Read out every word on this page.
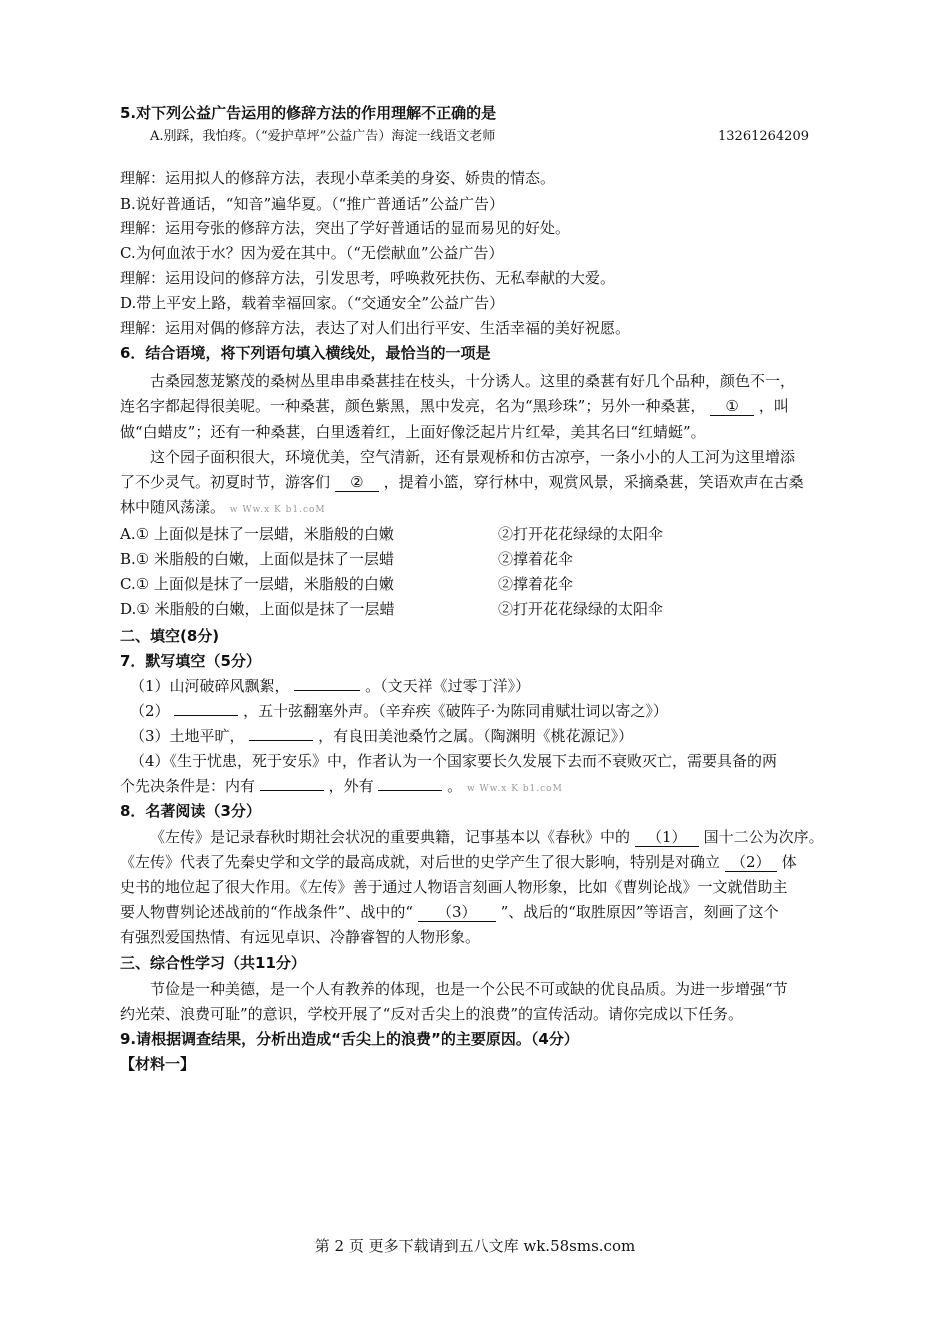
5.对下列公益广告运用的修辞方法的作用理解不正确的是
A.别踩，我怕疼。（“爱护草坪”公益广告）海淀一线语文老师	13261264209
理解：运用拟人的修辞方法，表现小草柔美的身姿、娇贵的情态。
B.说好普通话，“知音”遍华夏。（“推广普通话”公益广告）
理解：运用夸张的修辞方法，突出了学好普通话的显而易见的好处。
C.为何血浓于水？因为爱在其中。（“无偿献血”公益广告）
理解：运用设问的修辞方法，引发思考，呼唤救死扶伤、无私奉献的大爱。
D.带上平安上路，载着幸福回家。（“交通安全”公益广告）
理解：运用对偶的修辞方法，表达了对人们出行平安、生活幸福的美好祝愿。
6．结合语境，将下列语句填入横线处，最恰当的一项是
古桑园葱茏繁茂的桑树丛里串串桑葚挂在枝头，十分诱人。这里的桑葚有好几个品种，颜色不一，
连名字都起得很美呢。一种桑葚，颜色紫黑，黑中发亮，名为“黑珍珠”；另外一种桑葚， ① ，叫
做“白蜡皮”；还有一种桑葚，白里透着红，上面好像泛起片片红晕，美其名曰“红蜻蜓”。
这个园子面积很大，环境优美，空气清新，还有景观桥和仿古凉亭，一条小小的人工河为这里增添
了不少灵气。初夏时节，游客们 ② ，提着小篮，穿行林中，观赏风景，采摘桑葚，笑语欢声在古桑
林中随风荡漾。 w Ww.x K b1.coM
A.① 上面似是抹了一层蜡，米脂般的白嫩	②打开花花绿绿的太阳伞
B.① 米脂般的白嫩，上面似是抹了一层蜡	②撑着花伞
C.① 上面似是抹了一层蜡，米脂般的白嫩	②撑着花伞
D.① 米脂般的白嫩，上面似是抹了一层蜡	②打开花花绿绿的太阳伞
二、填空(8分)
7．默写填空（5分）
（1）山河破碎风飘絮，	。（文天祥《过零丁洋》）
（2）	，五十弦翻塞外声。（辛弃疾《破阵子·为陈同甫赋壮词以寄之》）
（3）土地平旷，	，有良田美池桑竹之属。（陶渊明《桃花源记》）
（4）《生于忧患，死于安乐》中，作者认为一个国家要长久发展下去而不衰败灭亡，需要具备的两
个先决条件是：内有	，外有	。 w Ww.x K b1.coM
8．名著阅读（3分）
《左传》是记录春秋时期社会状况的重要典籍，记事基本以《春秋》中的 （1） 国十二公为次序。
《左传》代表了先秦史学和文学的最高成就，对后世的史学产生了很大影响，特别是对确立 （2） 体
史书的地位起了很大作用。《左传》善于通过人物语言刻画人物形象，比如《曹刿论战》一文就借助主
要人物曹刿论述战前的“作战条件”、战中的“ （3） ”、战后的“取胜原因”等语言，刻画了这个
有强烈爱国热情、有远见卓识、冷静睿智的人物形象。
三、综合性学习（共11分）
节俭是一种美德，是一个人有教养的体现，也是一个公民不可或缺的优良品质。为进一步增强“节
约光荣、浪费可耻”的意识，学校开展了“反对舌尖上的浪费”的宣传活动。请你完成以下任务。
9.请根据调查结果，分析出造成“舌尖上的浪费”的主要原因。（4分）
【材料一】
第 2 页 更多下载请到五八文库 wk.58sms.com
